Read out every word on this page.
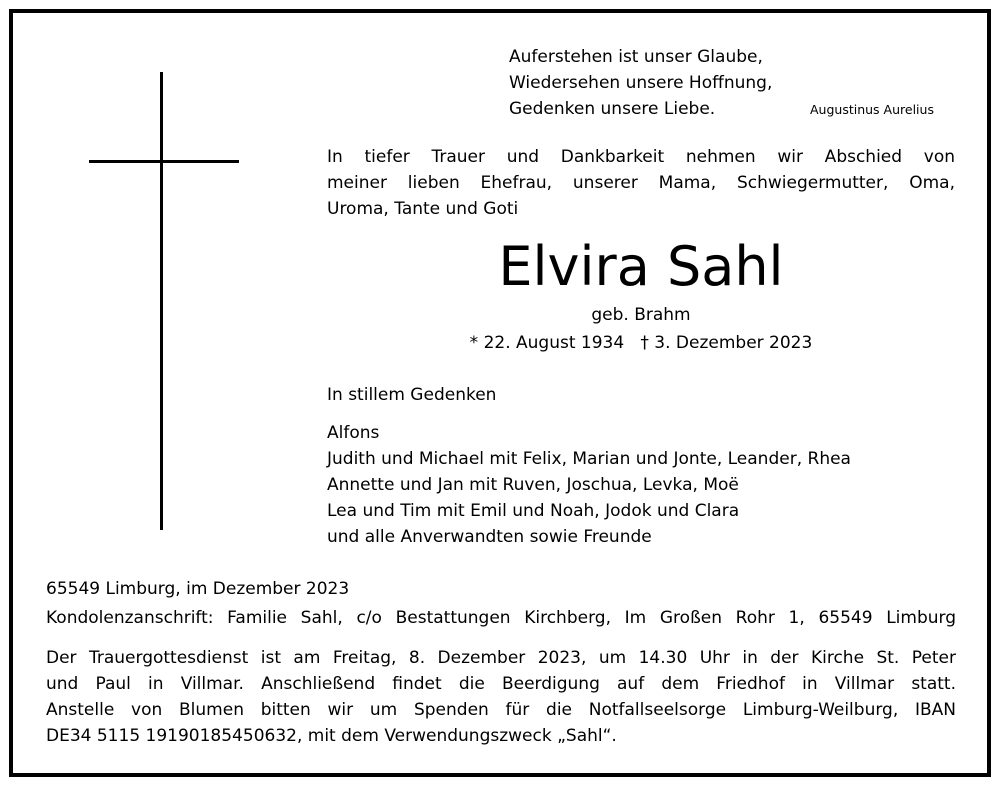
Auferstehen ist unser Glaube,
Wiedersehen unsere Hoffnung,
Gedenken unsere Liebe.	Augustinus Aurelius
In tiefer Trauer und Dankbarkeit nehmen wir Abschied von
meiner lieben Ehefrau, unserer Mama, Schwiegermutter, Oma,
Uroma, Tante und Goti
Elvira Sahl
geb. Brahm
* 22. August 1934   † 3. Dezember 2023
In stillem Gedenken
Alfons
Judith und Michael mit Felix, Marian und Jonte, Leander, Rhea
Annette und Jan mit Ruven, Joschua, Levka, Moë
Lea und Tim mit Emil und Noah, Jodok und Clara
und alle Anverwandten sowie Freunde
65549 Limburg, im Dezember 2023
Kondolenzanschrift: Familie Sahl, c/o Bestattungen Kirchberg, Im Großen Rohr 1, 65549 Limburg
Der Trauergottesdienst ist am Freitag, 8. Dezember 2023, um 14.30 Uhr in der Kirche St. Peter
und Paul in Villmar. Anschließend findet die Beerdigung auf dem Friedhof in Villmar statt.
Anstelle von Blumen bitten wir um Spenden für die Notfallseelsorge Limburg-Weilburg, IBAN
DE34 5115 19190185450632, mit dem Verwendungszweck „Sahl“.
